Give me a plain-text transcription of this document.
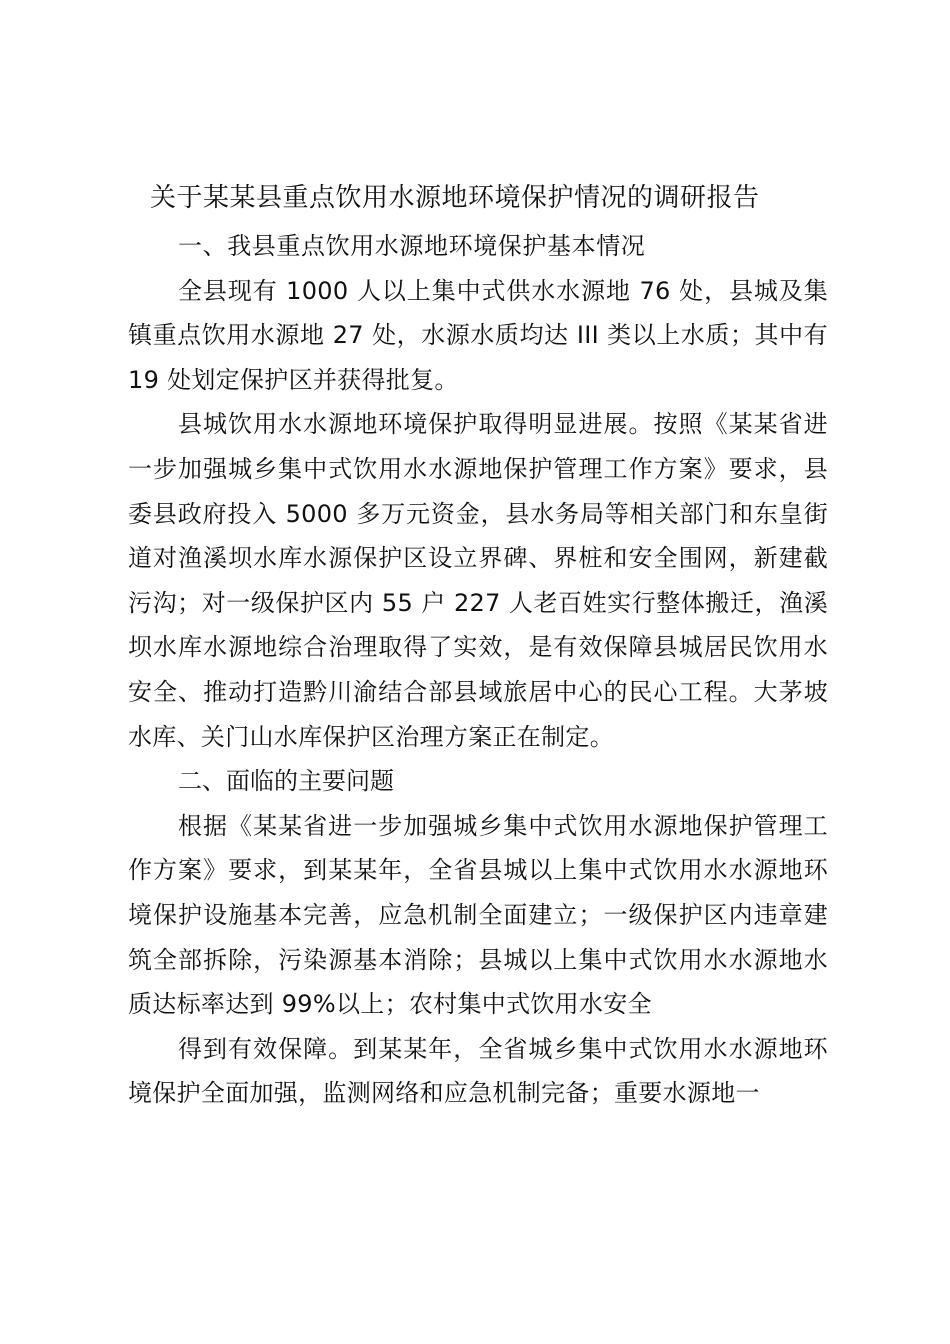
关于某某县重点饮用水源地环境保护情况的调研报告

一、我县重点饮用水源地环境保护基本情况

全县现有 1000 人以上集中式供水水源地 76 处，县城及集镇重点饮用水源地 27 处，水源水质均达 III 类以上水质；其中有 19 处划定保护区并获得批复。

县城饮用水水源地环境保护取得明显进展。按照《某某省进一步加强城乡集中式饮用水水源地保护管理工作方案》要求，县委县政府投入 5000 多万元资金，县水务局等相关部门和东皇街道对渔溪坝水库水源保护区设立界碑、界桩和安全围网，新建截污沟；对一级保护区内 55 户 227 人老百姓实行整体搬迁，渔溪坝水库水源地综合治理取得了实效，是有效保障县城居民饮用水安全、推动打造黔川渝结合部县域旅居中心的民心工程。大茅坡水库、关门山水库保护区治理方案正在制定。

二、面临的主要问题

根据《某某省进一步加强城乡集中式饮用水源地保护管理工作方案》要求，到某某年，全省县城以上集中式饮用水水源地环境保护设施基本完善，应急机制全面建立；一级保护区内违章建筑全部拆除，污染源基本消除；县城以上集中式饮用水水源地水质达标率达到 99%以上；农村集中式饮用水安全

得到有效保障。到某某年，全省城乡集中式饮用水水源地环境保护全面加强，监测网络和应急机制完备；重要水源地一
